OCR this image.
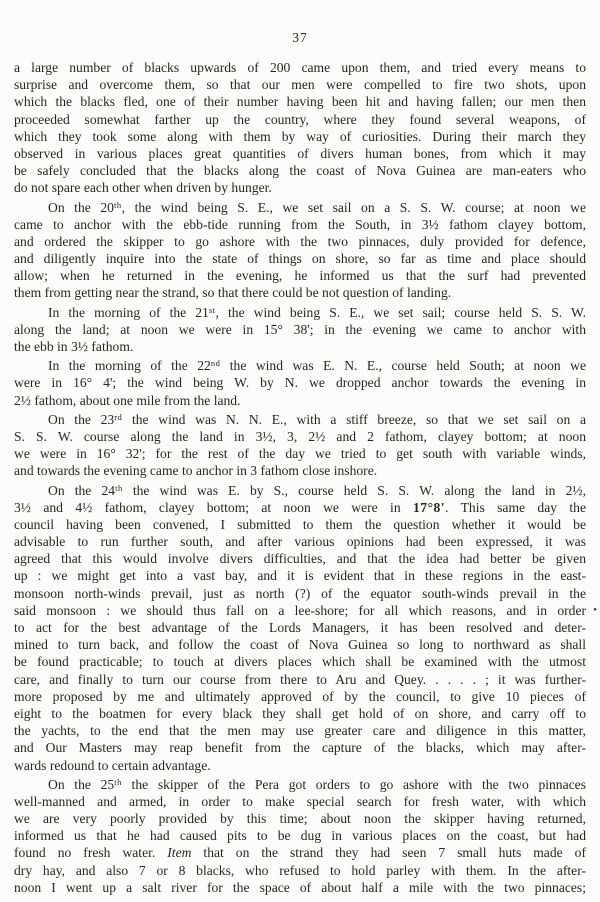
37
a large number of blacks upwards of 200 came upon them, and tried every means to
surprise and overcome them, so that our men were compelled to fire two shots, upon
which the blacks fled, one of their number having been hit and having fallen; our men then
proceeded somewhat farther up the country, where they found several weapons, of
which they took some along with them by way of curiosities. During their march they
observed in various places great quantities of divers human bones, from which it may
be safely concluded that the blacks along the coast of Nova Guinea are man-eaters who
do not spare each other when driven by hunger.
On the 20th, the wind being S. E., we set sail on a S. S. W. course; at noon we
came to anchor with the ebb-tide running from the South, in 3½ fathom clayey bottom,
and ordered the skipper to go ashore with the two pinnaces, duly provided for defence,
and diligently inquire into the state of things on shore, so far as time and place should
allow; when he returned in the evening, he informed us that the surf had prevented
them from getting near the strand, so that there could be not question of landing.
In the morning of the 21st, the wind being S. E., we set sail; course held S. S. W.
along the land; at noon we were in 15° 38'; in the evening we came to anchor with
the ebb in 3½ fathom.
In the morning of the 22nd the wind was E. N. E., course held South; at noon we
were in 16° 4'; the wind being W. by N. we dropped anchor towards the evening in
2½ fathom, about one mile from the land.
On the 23rd the wind was N. N. E., with a stiff breeze, so that we set sail on a
S. S. W. course along the land in 3½, 3, 2½ and 2 fathom, clayey bottom; at noon
we were in 16° 32'; for the rest of the day we tried to get south with variable winds,
and towards the evening came to anchor in 3 fathom close inshore.
On the 24th the wind was E. by S., course held S. S. W. along the land in 2½,
3½ and 4½ fathom, clayey bottom; at noon we were in 17°8'. This same day the
council having been convened, I submitted to them the question whether it would be
advisable to run further south, and after various opinions had been expressed, it was
agreed that this would involve divers difficulties, and that the idea had better be given
up : we might get into a vast bay, and it is evident that in these regions in the east-
monsoon north-winds prevail, just as north (?) of the equator south-winds prevail in the
said monsoon : we should thus fall on a lee-shore; for all which reasons, and in order •
to act for the best advantage of the Lords Managers, it has been resolved and deter-
mined to turn back, and follow the coast of Nova Guinea so long to northward as shall
be found practicable; to touch at divers places which shall be examined with the utmost
care, and finally to turn our course from there to Aru and Quey. . . . . ; it was further-
more proposed by me and ultimately approved of by the council, to give 10 pieces of
eight to the boatmen for every black they shall get hold of on shore, and carry off to
the yachts, to the end that the men may use greater care and diligence in this matter,
and Our Masters may reap benefit from the capture of the blacks, which may after-
wards redound to certain advantage.
On the 25th the skipper of the Pera got orders to go ashore with the two pinnaces
well-manned and armed, in order to make special search for fresh water, with which
we are very poorly provided by this time; about noon the skipper having returned,
informed us that he had caused pits to be dug in various places on the coast, but had
found no fresh water. Item that on the strand they had seen 7 small huts made of
dry hay, and also 7 or 8 blacks, who refused to hold parley with them. In the after-
noon I went up a salt river for the space of about half a mile with the two pinnaces;
